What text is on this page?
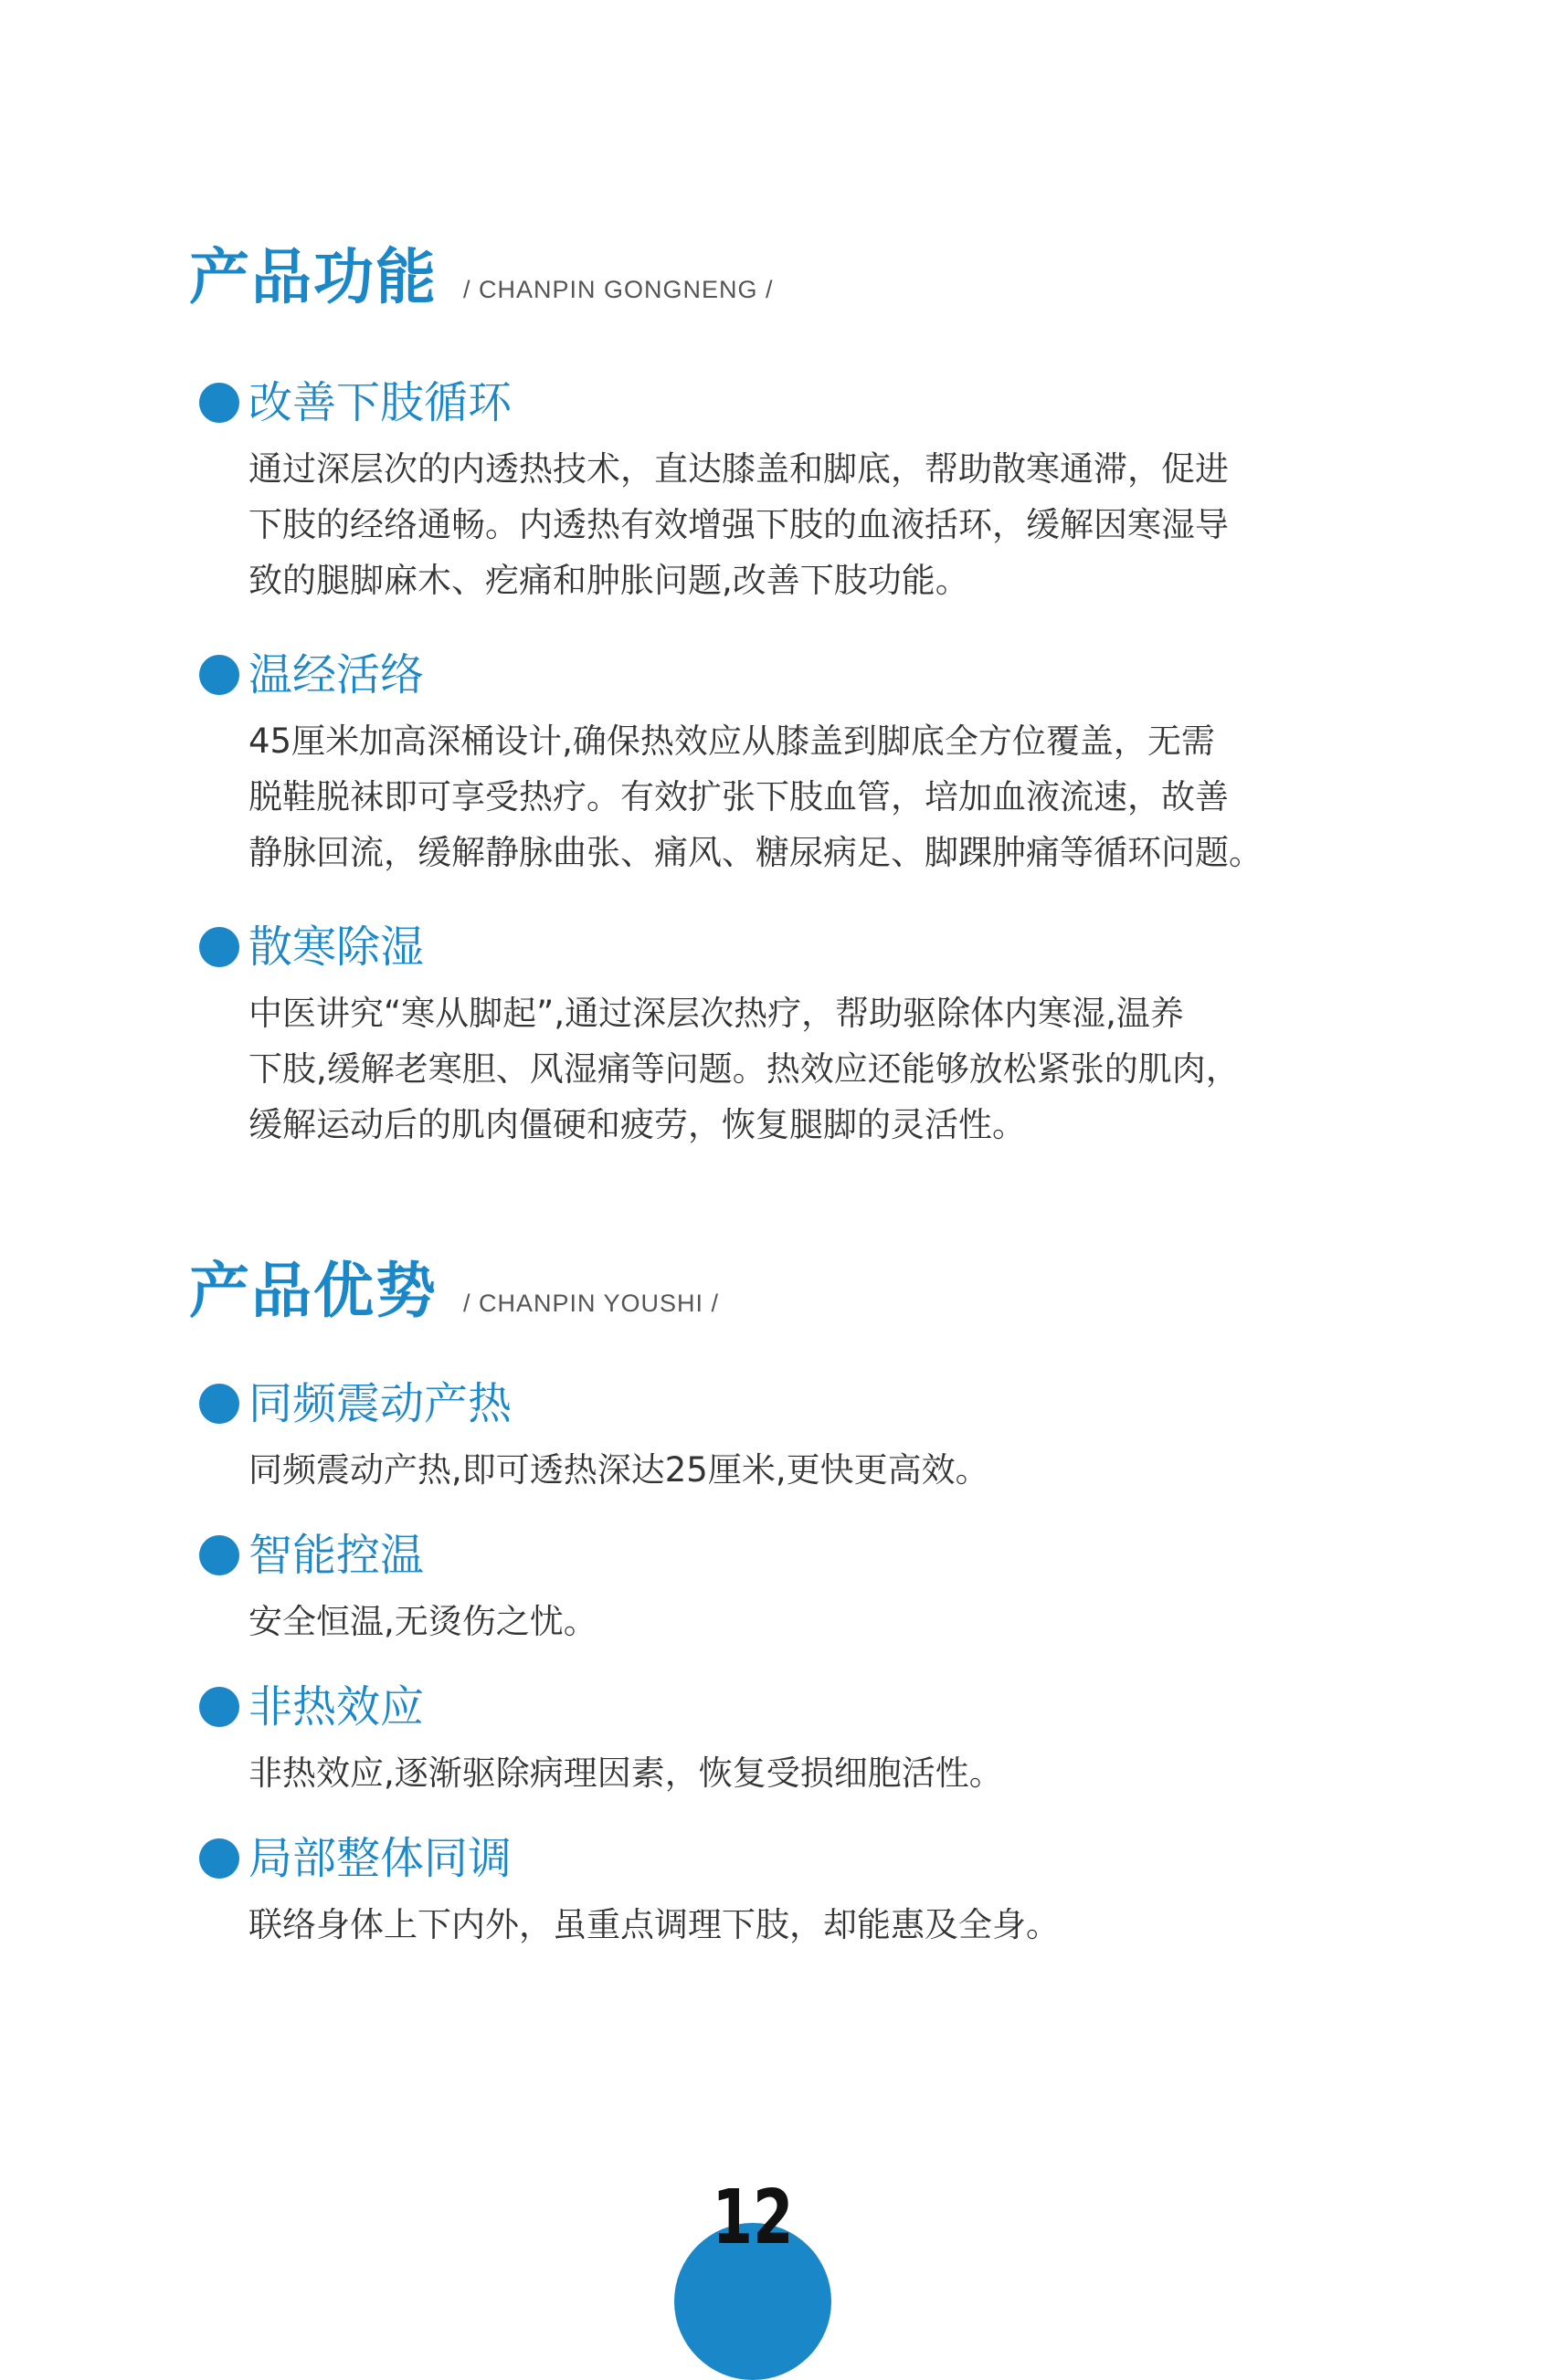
产品功能 / CHANPIN GONGNENG /
改善下肢循环

通过深层次的内透热技术，直达膝盖和脚底，帮助散寒通滞，促进

下肢的经络通畅。内透热有效增强下肢的血液括环，缓解因寒湿导

致的腿脚麻木、疙痛和肿胀问题,改善下肢功能。

温经活络

45厘米加高深桶设计,确保热效应从膝盖到脚底全方位覆盖，无需

脱鞋脱袜即可享受热疗。有效扩张下肢血管，培加血液流速，故善

静脉回流，缓解静脉曲张、痛风、糖尿病足、脚踝肿痛等循环问题。

散寒除湿

中医讲究“寒从脚起”,通过深层次热疗，帮助驱除体内寒湿,温养

下肢,缓解老寒胆、风湿痛等问题。热效应还能够放松紧张的肌肉，

缓解运动后的肌肉僵硬和疲劳，恢复腿脚的灵活性。

产品优势 / CHANPIN YOUSHI /
同频震动产热

同频震动产热,即可透热深达25厘米,更快更高效。

智能控温

安全恒温,无烫伤之忧。

非热效应

非热效应,逐渐驱除病理因素，恢复受损细胞活性。

局部整体同调

联络身体上下内外，虽重点调理下肢，却能惠及全身。

12
